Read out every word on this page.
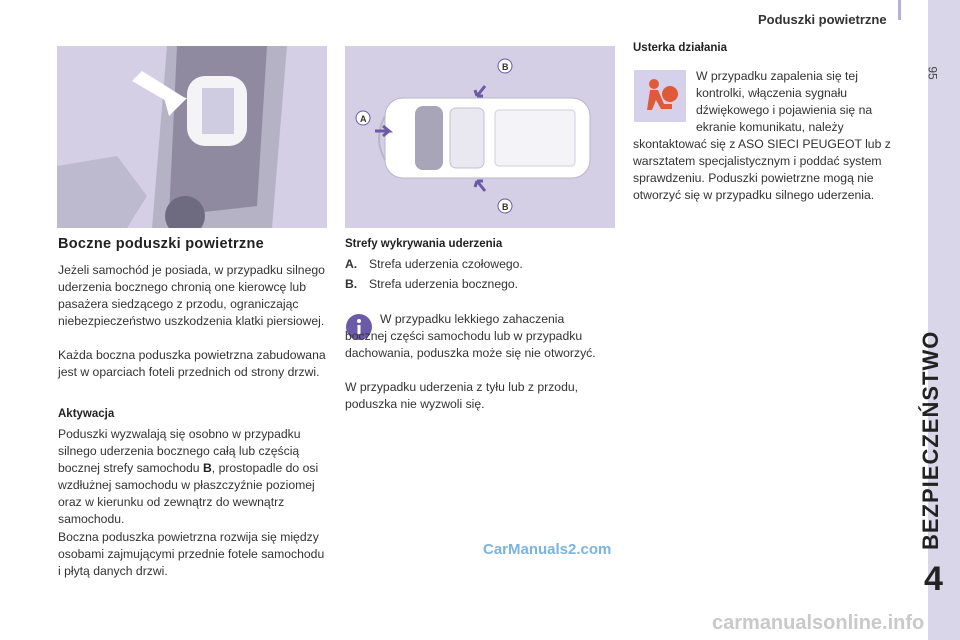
Poduszki powietrzne
95
BEZPIECZEŃSTWO
4
A
B
B
Boczne poduszki powietrzne
Jeżeli samochód je posiada, w przypadku silnego uderzenia bocznego chronią one kierowcę lub pasażera siedzącego z przodu, ograniczając niebezpieczeństwo uszkodzenia klatki piersiowej.
Każda boczna poduszka powietrzna zabudowana jest w oparciach foteli przednich od strony drzwi.
Aktywacja
Poduszki wyzwalają się osobno w przypadku silnego uderzenia bocznego całą lub częścią bocznej strefy samochodu B, prostopadle do osi wzdłużnej samochodu w płaszczyźnie poziomej oraz w kierunku od zewnątrz do wewnątrz samochodu.
Boczna poduszka powietrzna rozwija się między osobami zajmującymi przednie fotele samochodu i płytą danych drzwi.
Strefy wykrywania uderzenia
A. Strefa uderzenia czołowego.
B. Strefa uderzenia bocznego.
W przypadku lekkiego zahaczenia bocznej części samochodu lub w przypadku dachowania, poduszka może się nie otworzyć.
W przypadku uderzenia z tyłu lub z przodu, poduszka nie wyzwoli się.
Usterka działania
W przypadku zapalenia się tej kontrolki, włączenia sygnału dźwiękowego i pojawienia się na ekranie komunikatu, należy
skontaktować się z ASO SIECI PEUGEOT lub z warsztatem specjalistycznym i poddać system sprawdzeniu. Poduszki powietrzne mogą nie otworzyć się w przypadku silnego uderzenia.
CarManuals2.com
carmanualsonline.info
